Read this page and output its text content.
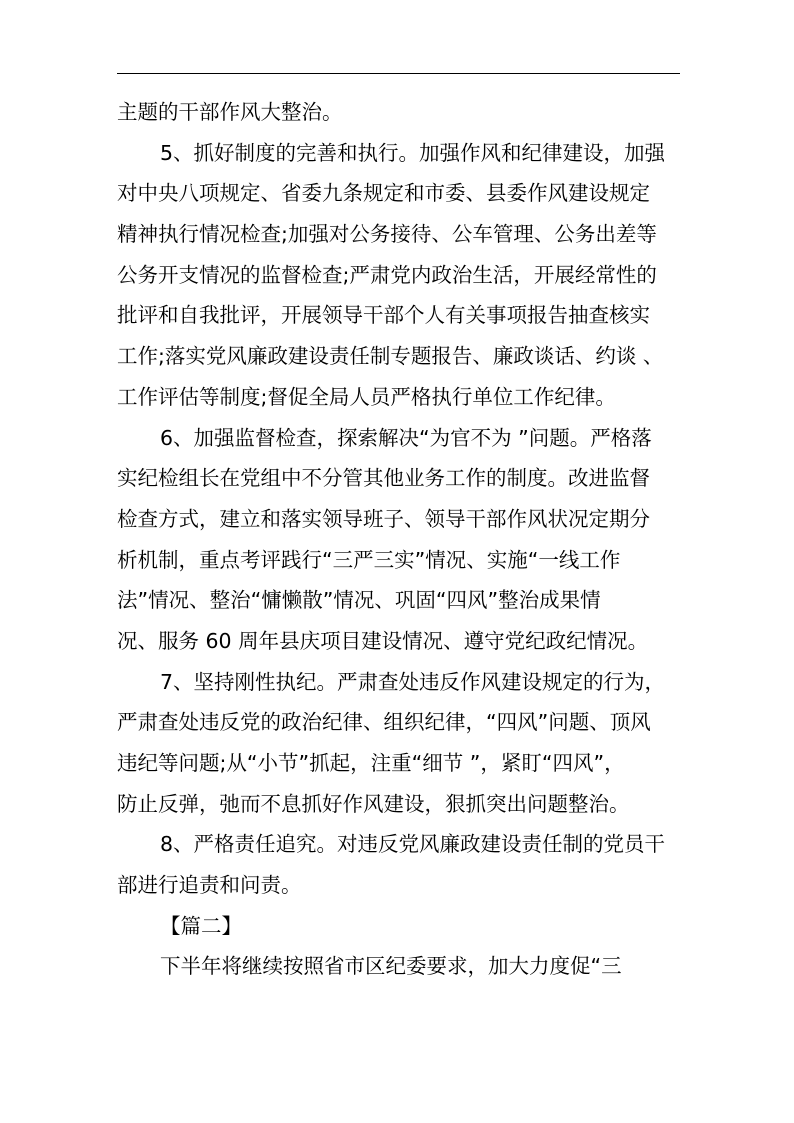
主题的干部作风大整治。
5、抓好制度的完善和执行。加强作风和纪律建设，加强
对中央八项规定、省委九条规定和市委、县委作风建设规定
精神执行情况检查;加强对公务接待、公车管理、公务出差等
公务开支情况的监督检查;严肃党内政治生活，开展经常性的
批评和自我批评，开展领导干部个人有关事项报告抽查核实
工作;落实党风廉政建设责任制专题报告、廉政谈话、约谈 、
工作评估等制度;督促全局人员严格执行单位工作纪律。
6、加强监督检查，探索解决“为官不为 ”问题。严格落
实纪检组长在党组中不分管其他业务工作的制度。改进监督
检查方式，建立和落实领导班子、领导干部作风状况定期分
析机制，重点考评践行“三严三实”情况、实施“一线工作
法”情况、整治“慵懒散”情况、巩固“四风”整治成果情
况、服务 60 周年县庆项目建设情况、遵守党纪政纪情况。
7、坚持刚性执纪。严肃查处违反作风建设规定的行为，
严肃查处违反党的政治纪律、组织纪律，“四风”问题、顶风
违纪等问题;从“小节”抓起，注重“细节 ”，紧盯“四风”，
防止反弹，弛而不息抓好作风建设，狠抓突出问题整治。
8、严格责任追究。对违反党风廉政建设责任制的党员干
部进行追责和问责。
【篇二】
下半年将继续按照省市区纪委要求，加大力度促“三
